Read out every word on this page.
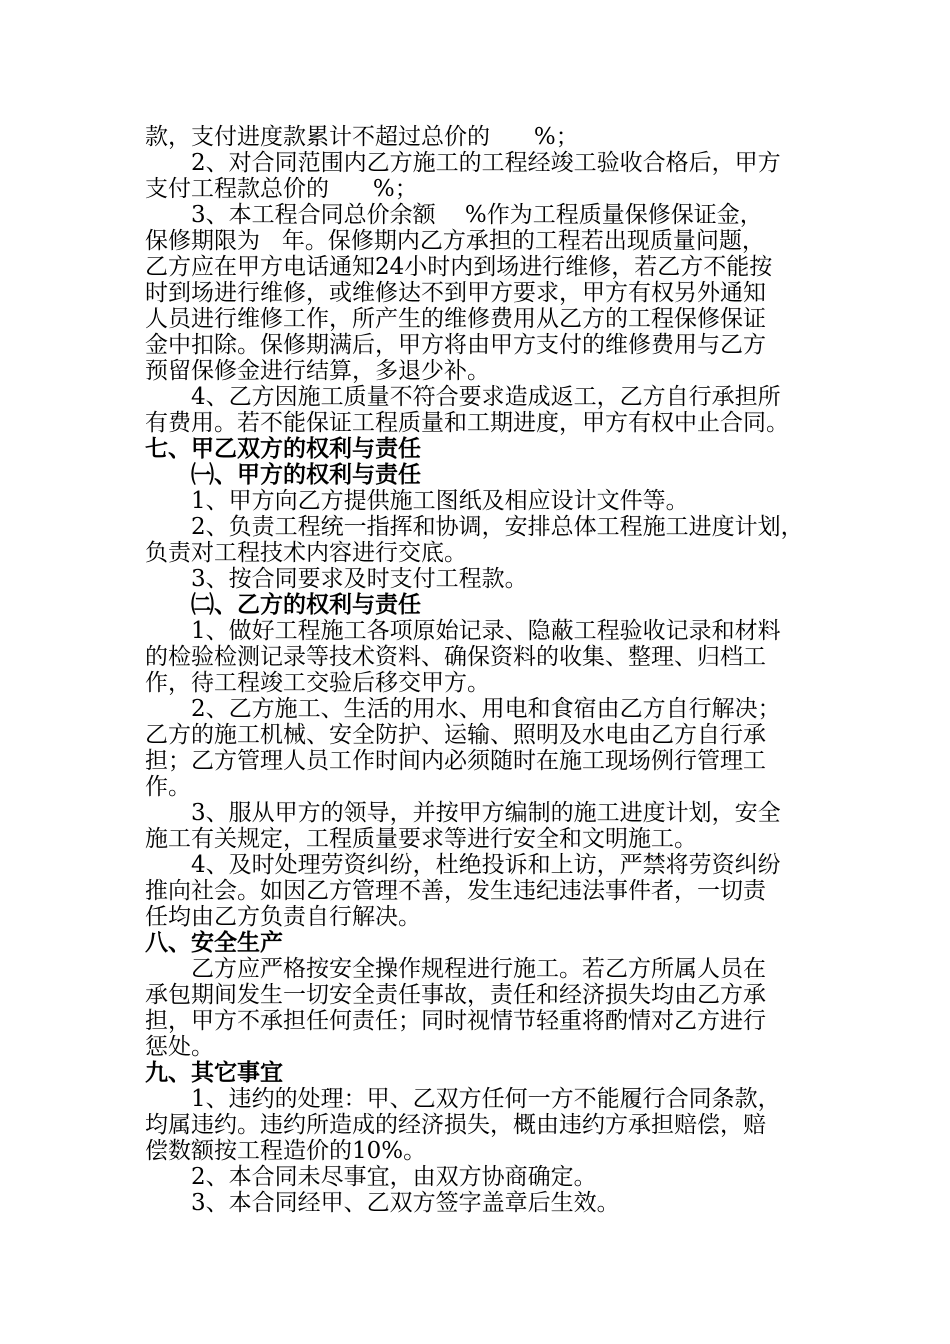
款，支付进度款累计不超过总价的      %；
2、对合同范围内乙方施工的工程经竣工验收合格后，甲方
支付工程款总价的      %；
3、本工程合同总价余额    %作为工程质量保修保证金，
保修期限为   年。保修期内乙方承担的工程若出现质量问题，
乙方应在甲方电话通知24小时内到场进行维修，若乙方不能按
时到场进行维修，或维修达不到甲方要求，甲方有权另外通知
人员进行维修工作，所产生的维修费用从乙方的工程保修保证
金中扣除。保修期满后，甲方将由甲方支付的维修费用与乙方
预留保修金进行结算，多退少补。
4、乙方因施工质量不符合要求造成返工，乙方自行承担所
有费用。若不能保证工程质量和工期进度，甲方有权中止合同。
七、甲乙双方的权利与责任
㈠、甲方的权利与责任
1、甲方向乙方提供施工图纸及相应设计文件等。
2、负责工程统一指挥和协调，安排总体工程施工进度计划，
负责对工程技术内容进行交底。
3、按合同要求及时支付工程款。
㈡、乙方的权利与责任
1、做好工程施工各项原始记录、隐蔽工程验收记录和材料
的检验检测记录等技术资料、确保资料的收集、整理、归档工
作，待工程竣工交验后移交甲方。
2、乙方施工、生活的用水、用电和食宿由乙方自行解决；
乙方的施工机械、安全防护、运输、照明及水电由乙方自行承
担；乙方管理人员工作时间内必须随时在施工现场例行管理工
作。
3、服从甲方的领导，并按甲方编制的施工进度计划，安全
施工有关规定，工程质量要求等进行安全和文明施工。
4、及时处理劳资纠纷，杜绝投诉和上访，严禁将劳资纠纷
推向社会。如因乙方管理不善，发生违纪违法事件者，一切责
任均由乙方负责自行解决。
八、安全生产
乙方应严格按安全操作规程进行施工。若乙方所属人员在
承包期间发生一切安全责任事故，责任和经济损失均由乙方承
担，甲方不承担任何责任；同时视情节轻重将酌情对乙方进行
惩处。
九、其它事宜
1、违约的处理：甲、乙双方任何一方不能履行合同条款，
均属违约。违约所造成的经济损失，概由违约方承担赔偿，赔
偿数额按工程造价的10%。
2、本合同未尽事宜，由双方协商确定。
3、本合同经甲、乙双方签字盖章后生效。
